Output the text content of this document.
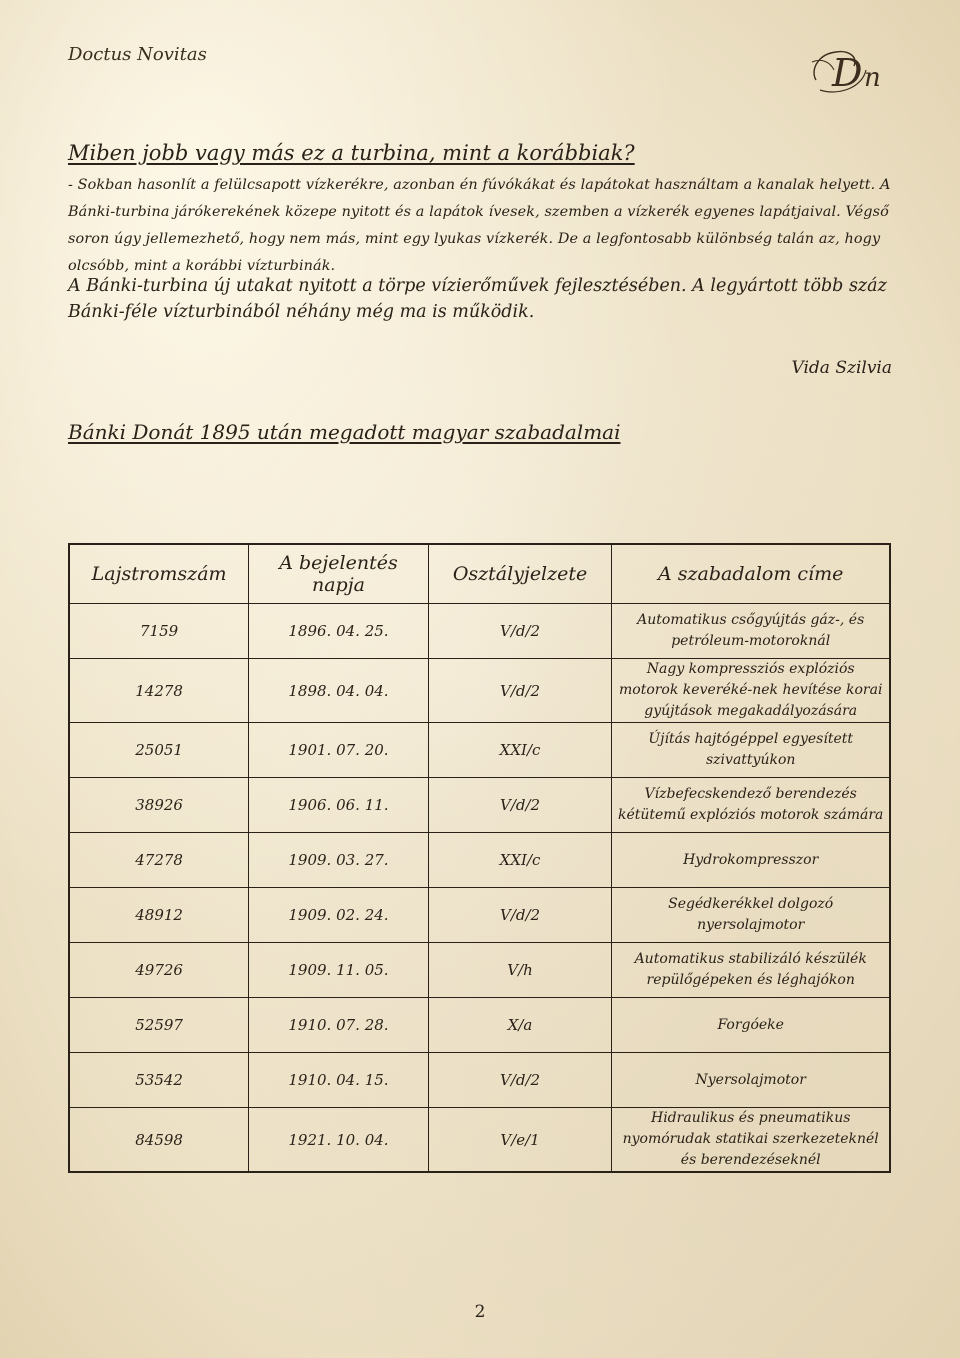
Doctus Novitas	D n
Miben jobb vagy más ez a turbina, mint a korábbiak?
- Sokban hasonlít a felülcsapott vízkerékre, azonban én fúvókákat és lapátokat használtam a kanalak helyett. A Bánki-turbina járókerekének közepe nyitott és a lapátok ívesek, szemben a vízkerék egyenes lapátjaival. Végső soron úgy jellemezhető, hogy nem más, mint egy lyukas vízkerék. De a legfontosabb különbség talán az, hogy olcsóbb, mint a korábbi vízturbinák.
A Bánki-turbina új utakat nyitott a törpe vízierőművek fejlesztésében. A legyártott több száz Bánki-féle vízturbinából néhány még ma is működik.
Vida Szilvia
Bánki Donát 1895 után megadott magyar szabadalmai
Lajstromszám	A bejelentés napja	Osztályjelzete	A szabadalom címe
7159	1896. 04. 25.	V/d/2	Automatikus csőgyújtás gáz-, és petróleum-motoroknál
14278	1898. 04. 04.	V/d/2	Nagy kompressziós explóziós motorok keveréké-nek hevítése korai gyújtások megakadályozására
25051	1901. 07. 20.	XXI/c	Újítás hajtógéppel egyesített szivattyúkon
38926	1906. 06. 11.	V/d/2	Vízbefecskendező berendezés kétütemű explóziós motorok számára
47278	1909. 03. 27.	XXI/c	Hydrokompresszor
48912	1909. 02. 24.	V/d/2	Segédkerékkel dolgozó nyersolajmotor
49726	1909. 11. 05.	V/h	Automatikus stabilizáló készülék repülőgépeken és léghajókon
52597	1910. 07. 28.	X/a	Forgóeke
53542	1910. 04. 15.	V/d/2	Nyersolajmotor
84598	1921. 10. 04.	V/e/1	Hidraulikus és pneumatikus nyomórudak statikai szerkezeteknél és berendezéseknél
2
